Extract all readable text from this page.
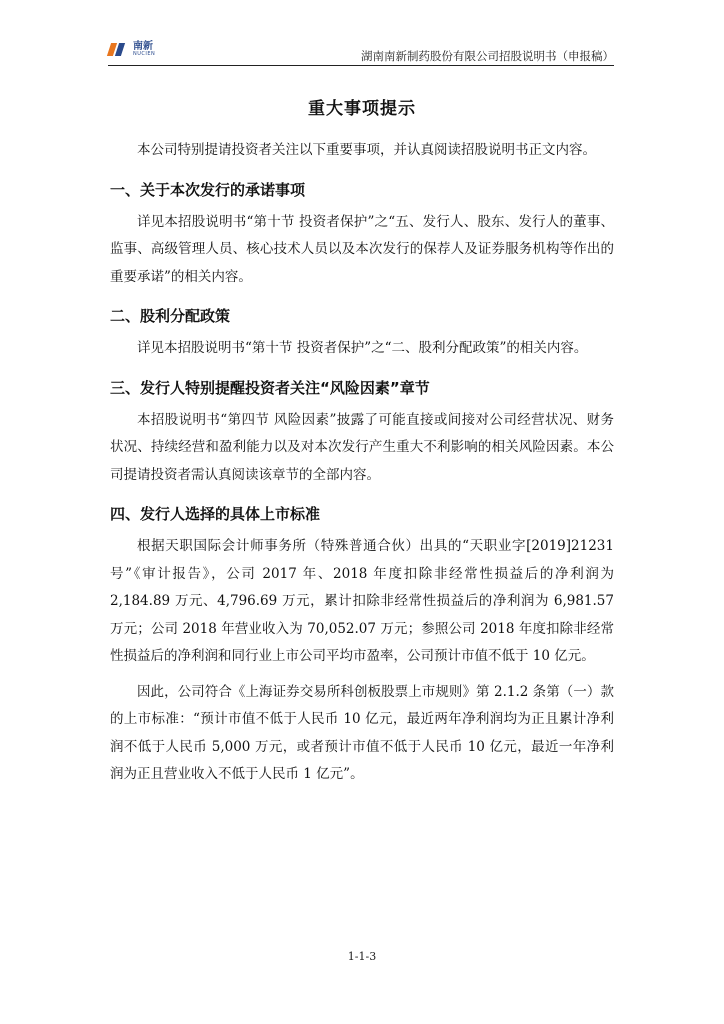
南新
NUCIEN	湖南南新制药股份有限公司招股说明书（申报稿）
重大事项提示

本公司特别提请投资者关注以下重要事项，并认真阅读招股说明书正文内容。

一、关于本次发行的承诺事项

详见本招股说明书“第十节 投资者保护”之“五、发行人、股东、发行人的董事、监事、高级管理人员、核心技术人员以及本次发行的保荐人及证券服务机构等作出的重要承诺”的相关内容。

二、股利分配政策

详见本招股说明书“第十节 投资者保护”之“二、股利分配政策”的相关内容。

三、发行人特别提醒投资者关注“风险因素”章节

本招股说明书“第四节 风险因素”披露了可能直接或间接对公司经营状况、财务状况、持续经营和盈利能力以及对本次发行产生重大不利影响的相关风险因素。本公司提请投资者需认真阅读该章节的全部内容。

四、发行人选择的具体上市标准

根据天职国际会计师事务所（特殊普通合伙）出具的“天职业字[2019]21231号”《审计报告》，公司 2017 年、2018 年度扣除非经常性损益后的净利润为2,184.89 万元、4,796.69 万元，累计扣除非经常性损益后的净利润为 6,981.57 万元；公司 2018 年营业收入为 70,052.07 万元；参照公司 2018 年度扣除非经常性损益后的净利润和同行业上市公司平均市盈率，公司预计市值不低于 10 亿元。

因此，公司符合《上海证券交易所科创板股票上市规则》第 2.1.2 条第（一）款的上市标准：“预计市值不低于人民币 10 亿元，最近两年净利润均为正且累计净利润不低于人民币 5,000 万元，或者预计市值不低于人民币 10 亿元，最近一年净利润为正且营业收入不低于人民币 1 亿元”。

1-1-3
